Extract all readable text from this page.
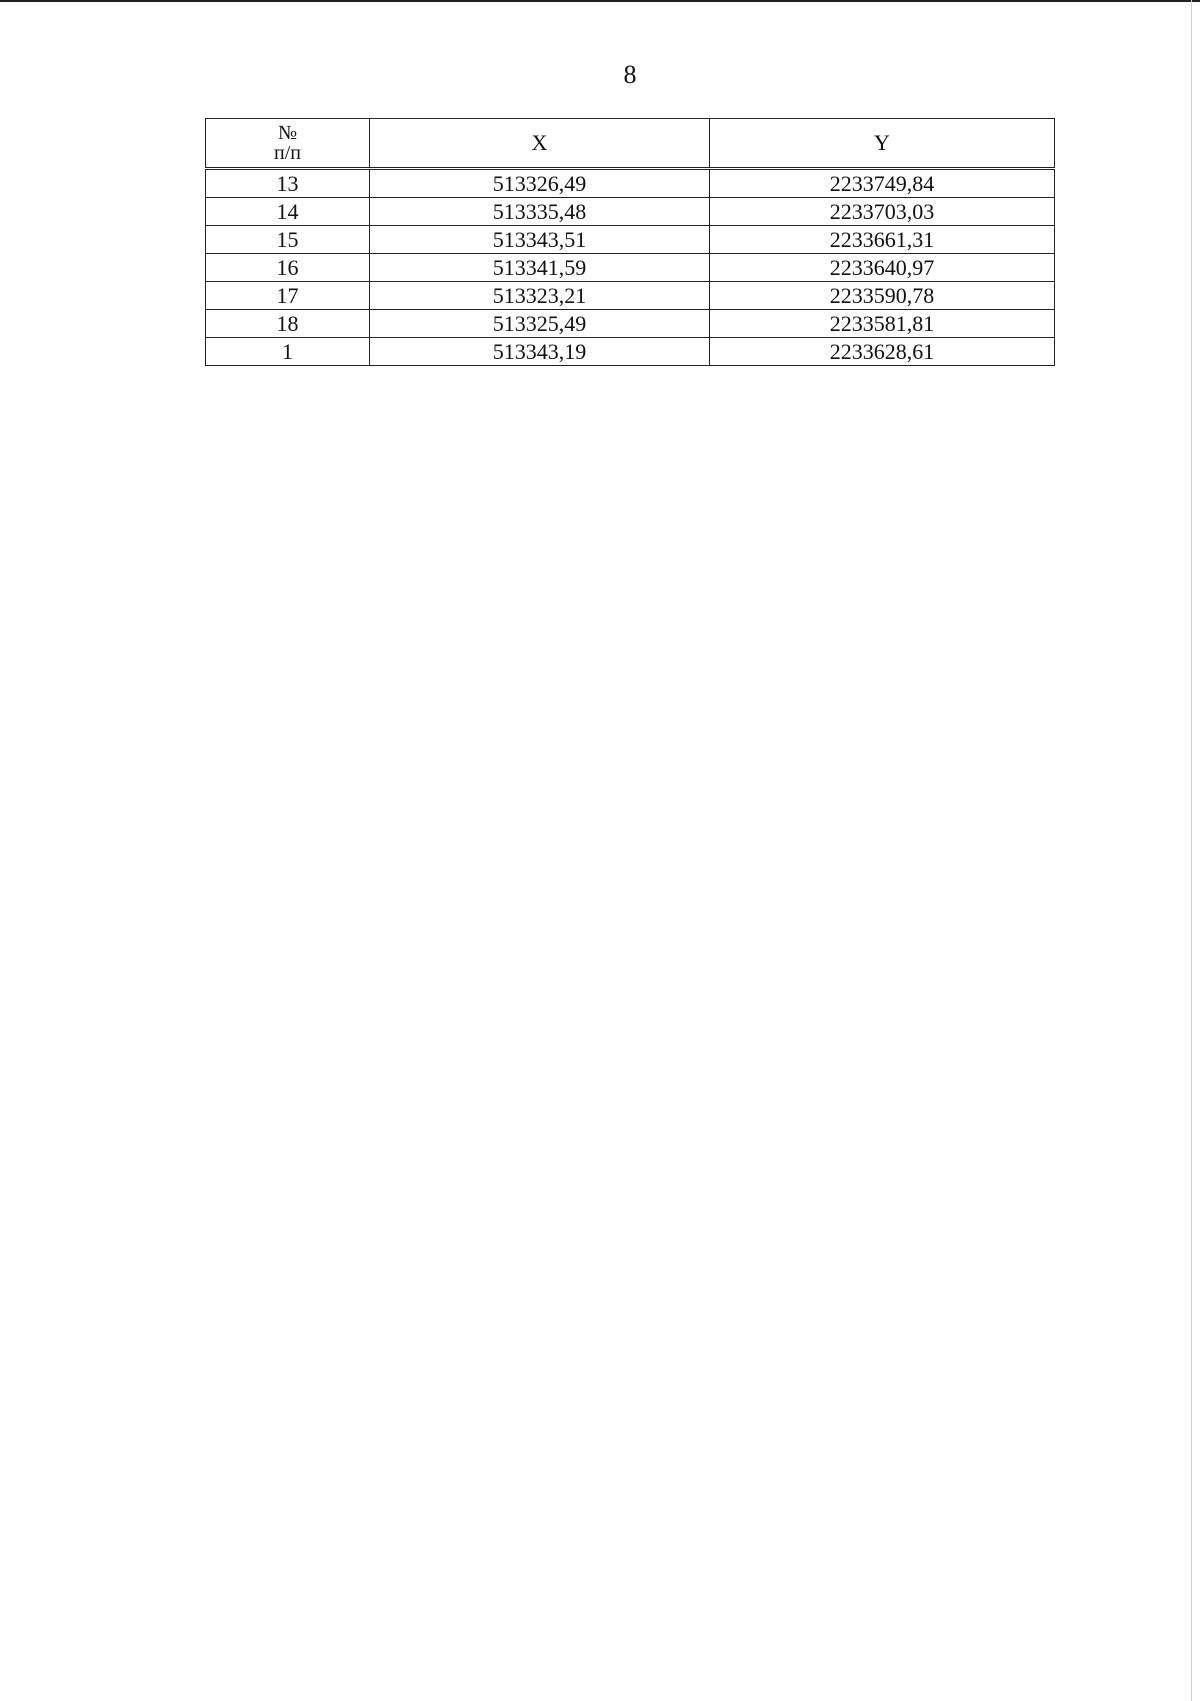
8
№
п/п	X	Y
13	513326,49	2233749,84
14	513335,48	2233703,03
15	513343,51	2233661,31
16	513341,59	2233640,97
17	513323,21	2233590,78
18	513325,49	2233581,81
1	513343,19	2233628,61
